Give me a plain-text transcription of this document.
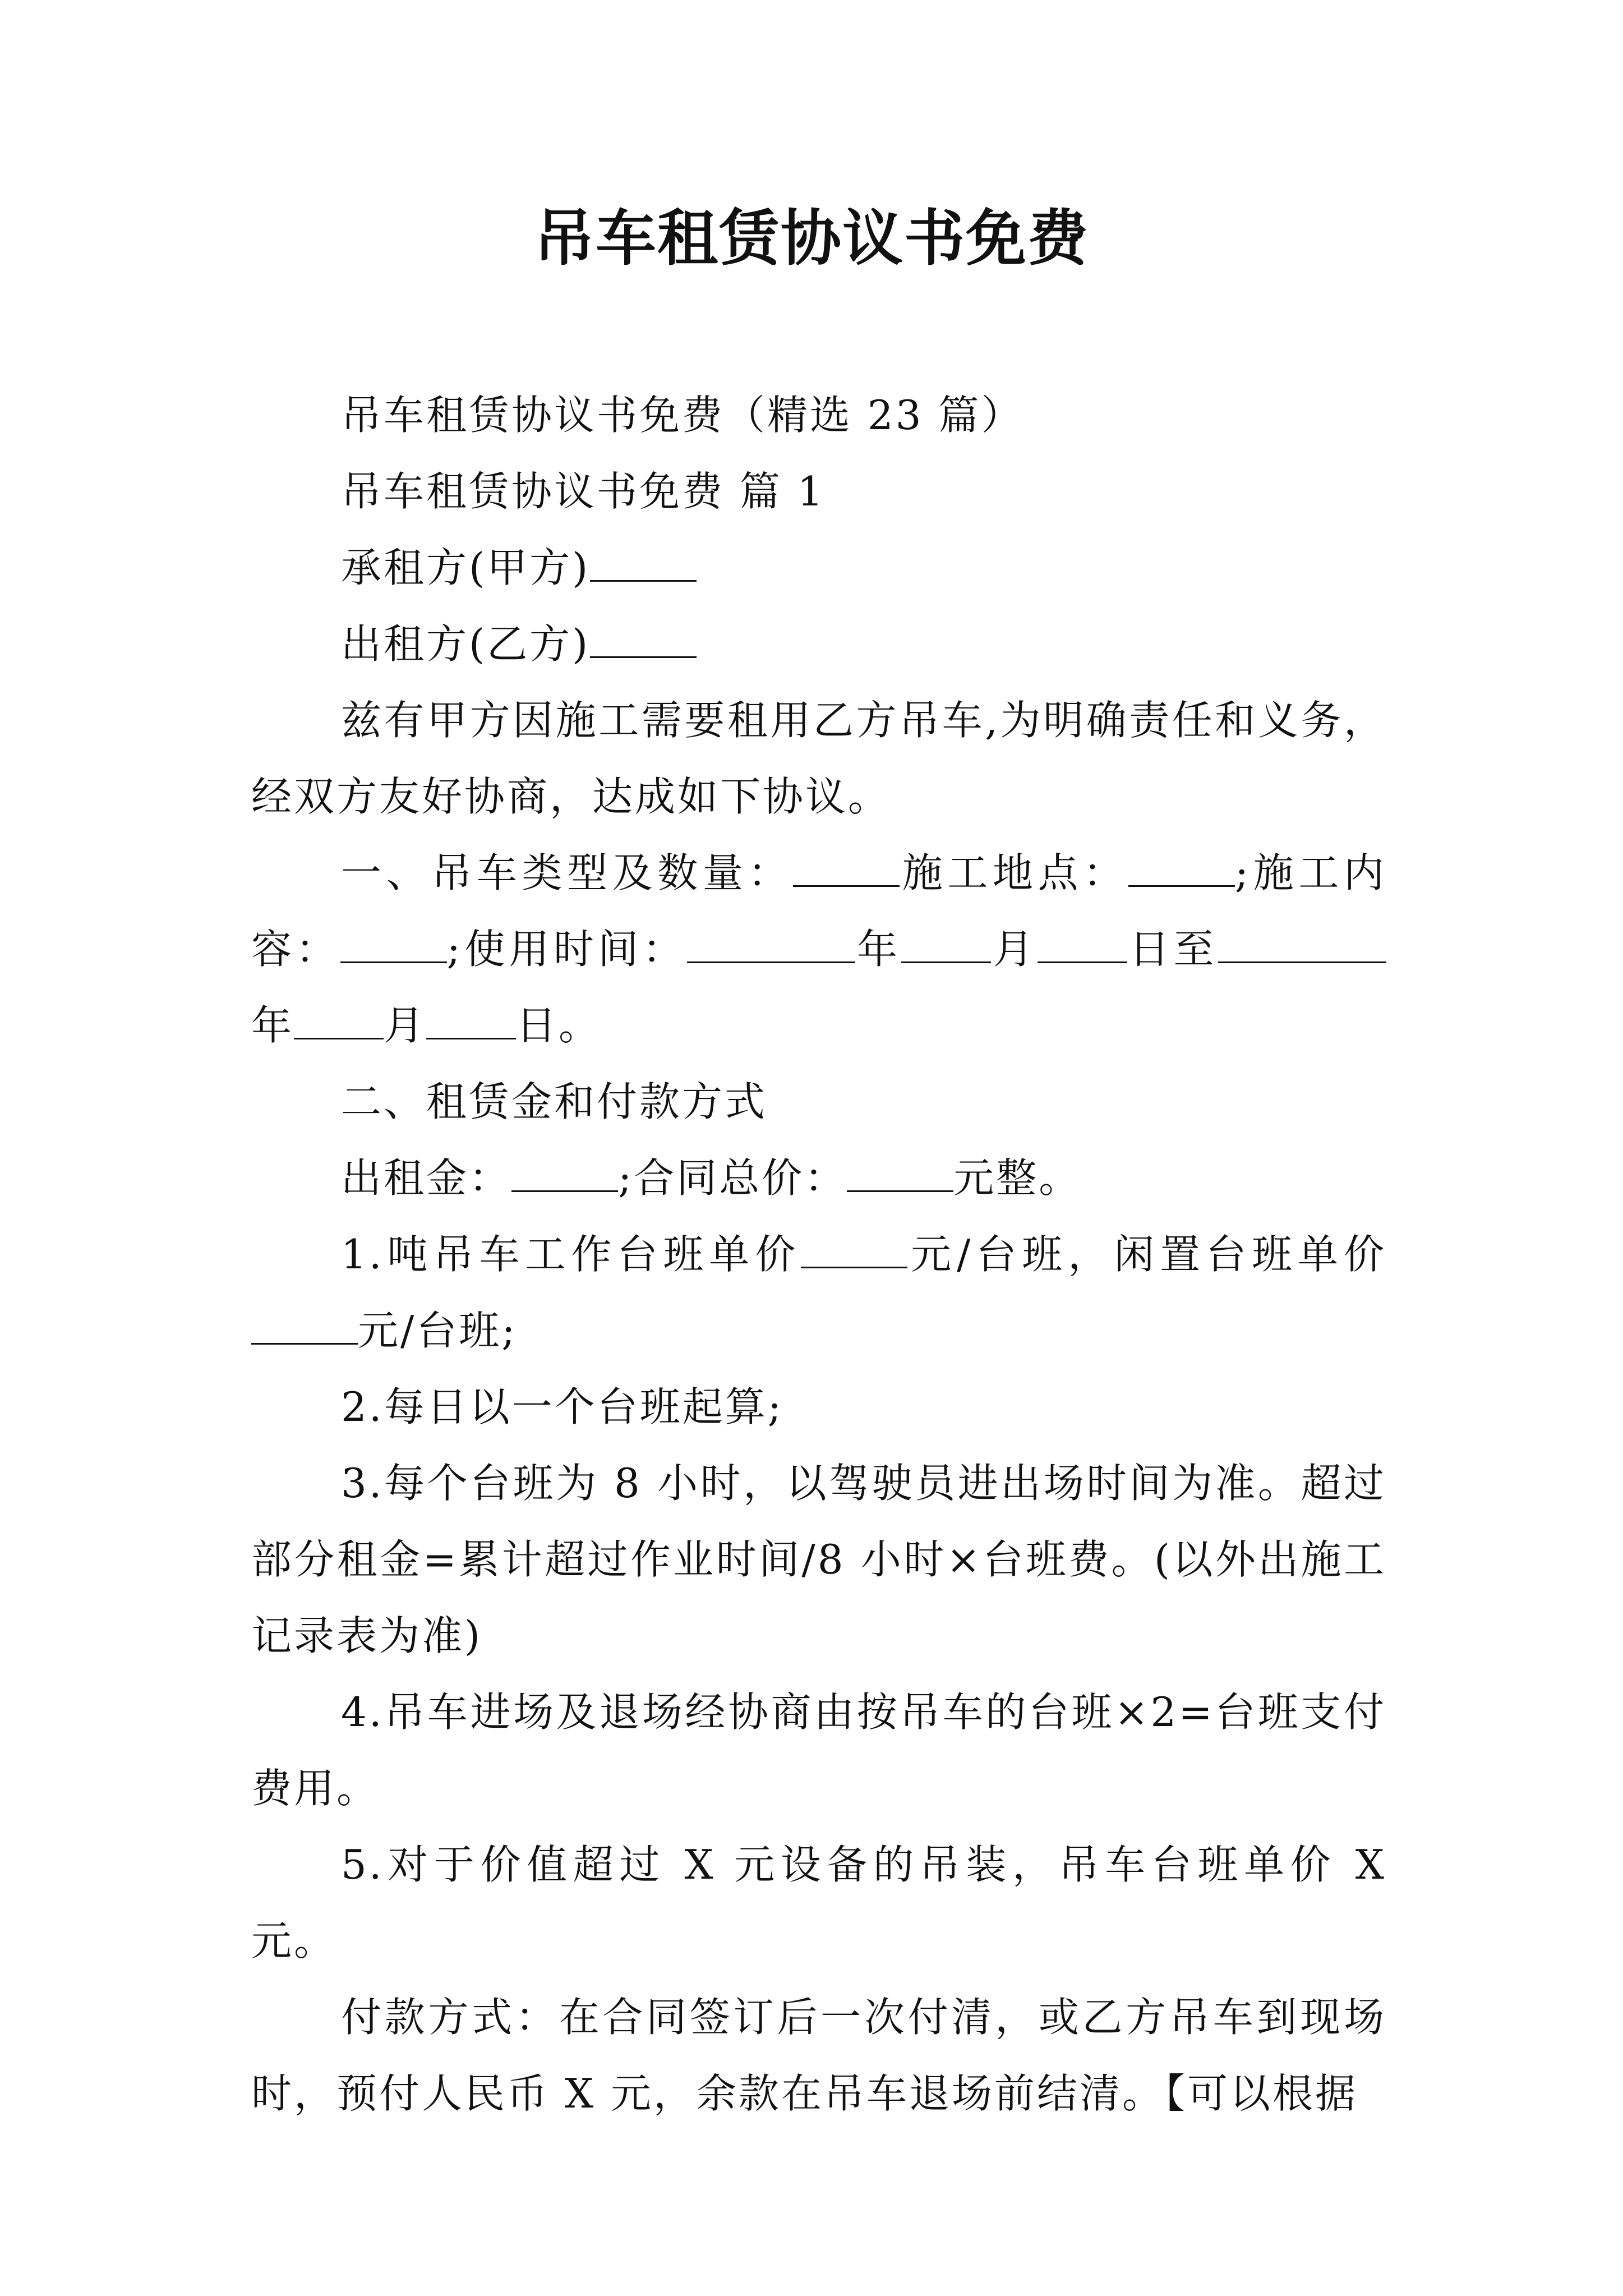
吊车租赁协议书免费

吊车租赁协议书免费（精选 23 篇）

吊车租赁协议书免费 篇 1

承租方(甲方)

出租方(乙方)

兹有甲方因施工需要租用乙方吊车,为明确责任和义务，经双方友好协商，达成如下协议。

一、吊车类型及数量：	施工地点：	;施工内容：	;使用时间：	年 月 日至年 月 日。

二、租赁金和付款方式

出租金：	;合同总价：	元整。

1.吨吊车工作台班单价	元/台班，闲置台班单价元/台班;

2.每日以一个台班起算;

3.每个台班为 8 小时，以驾驶员进出场时间为准。超过部分租金=累计超过作业时间/8 小时×台班费。(以外出施工记录表为准)

4.吊车进场及退场经协商由按吊车的台班×2=台班支付费用。

5.对于价值超过 X 元设备的吊装，吊车台班单价 X 元。

付款方式：在合同签订后一次付清，或乙方吊车到现场时，预付人民币 X 元，余款在吊车退场前结清。【可以根据
